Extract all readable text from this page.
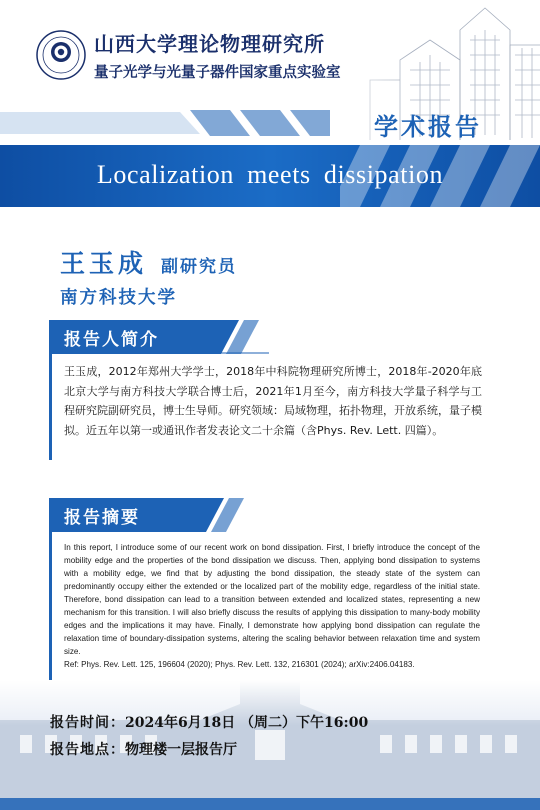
山西大学理论物理研究所
量子光学与光量子器件国家重点实验室
学术报告
Localization meets dissipation
王玉成 副研究员
南方科技大学
报告人简介
王玉成，2012年郑州大学学士，2018年中科院物理研究所博士，2018年-2020年底北京大学与南方科技大学联合博士后，2021年1月至今，南方科技大学量子科学与工程研究院副研究员，博士生导师。研究领域：局域物理，拓扑物理，开放系统，量子模拟。近五年以第一或通讯作者发表论文二十余篇（含Phys. Rev. Lett. 四篇）。
报告摘要

In this report, I introduce some of our recent work on bond dissipation. First, I briefly introduce the concept of the mobility edge and the properties of the bond dissipation we discuss. Then, applying bond dissipation to systems with a mobility edge, we find that by adjusting the bond dissipation, the steady state of the system can predominantly occupy either the extended or the localized part of the mobility edge, regardless of the initial state. Therefore, bond dissipation can lead to a transition between extended and localized states, representing a new mechanism for this transition. I will also briefly discuss the results of applying this dissipation to many-body mobility edges and the implications it may have. Finally, I demonstrate how applying bond dissipation can regulate the relaxation time of boundary-dissipation systems, altering the scaling behavior between relaxation time and system size.

Ref: Phys. Rev. Lett. 125, 196604 (2020); Phys. Rev. Lett. 132, 216301 (2024); arXiv:2406.04183.

报告时间：2024年6月18日 （周二）下午16:00
报告地点：物理楼一层报告厅
